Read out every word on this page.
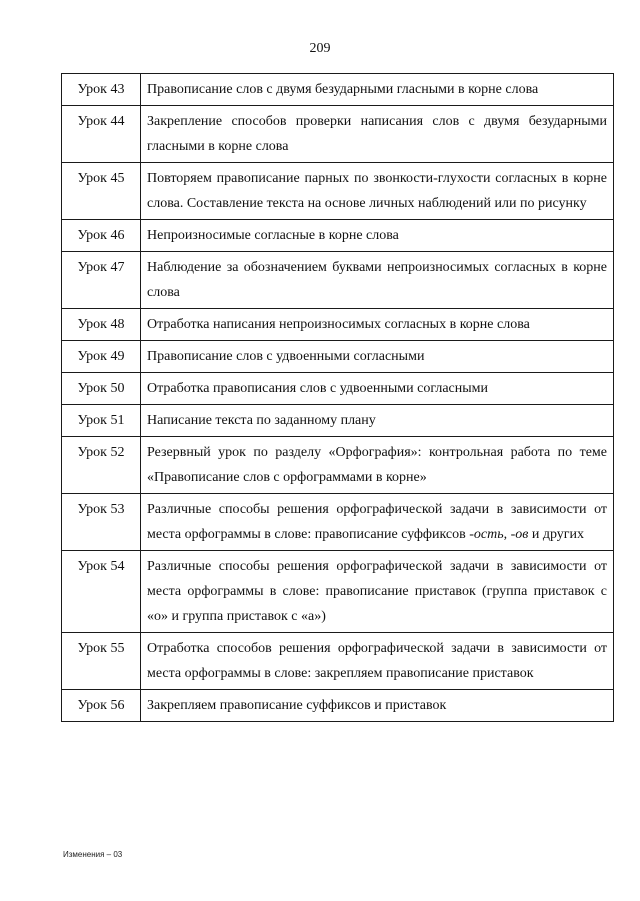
209
Урок 43	Правописание слов с двумя безударными гласными в корне слова
Урок 44	Закрепление способов проверки написания слов с двумя безударными гласными в корне слова
Урок 45	Повторяем правописание парных по звонкости-глухости согласных в корне слова. Составление текста на основе личных наблюдений или по рисунку
Урок 46	Непроизносимые согласные в корне слова
Урок 47	Наблюдение за обозначением буквами непроизносимых согласных в корне слова
Урок 48	Отработка написания непроизносимых согласных в корне слова
Урок 49	Правописание слов с удвоенными согласными
Урок 50	Отработка правописания слов с удвоенными согласными
Урок 51	Написание текста по заданному плану
Урок 52	Резервный урок по разделу «Орфография»: контрольная работа по теме «Правописание слов с орфограммами в корне»
Урок 53	Различные способы решения орфографической задачи в зависимости от места орфограммы в слове: правописание суффиксов -ость, -ов и других
Урок 54	Различные способы решения орфографической задачи в зависимости от места орфограммы в слове: правописание приставок (группа приставок с «о» и группа приставок с «а»)
Урок 55	Отработка способов решения орфографической задачи в зависимости от места орфограммы в слове: закрепляем правописание приставок
Урок 56	Закрепляем правописание суффиксов и приставок
Изменения – 03
